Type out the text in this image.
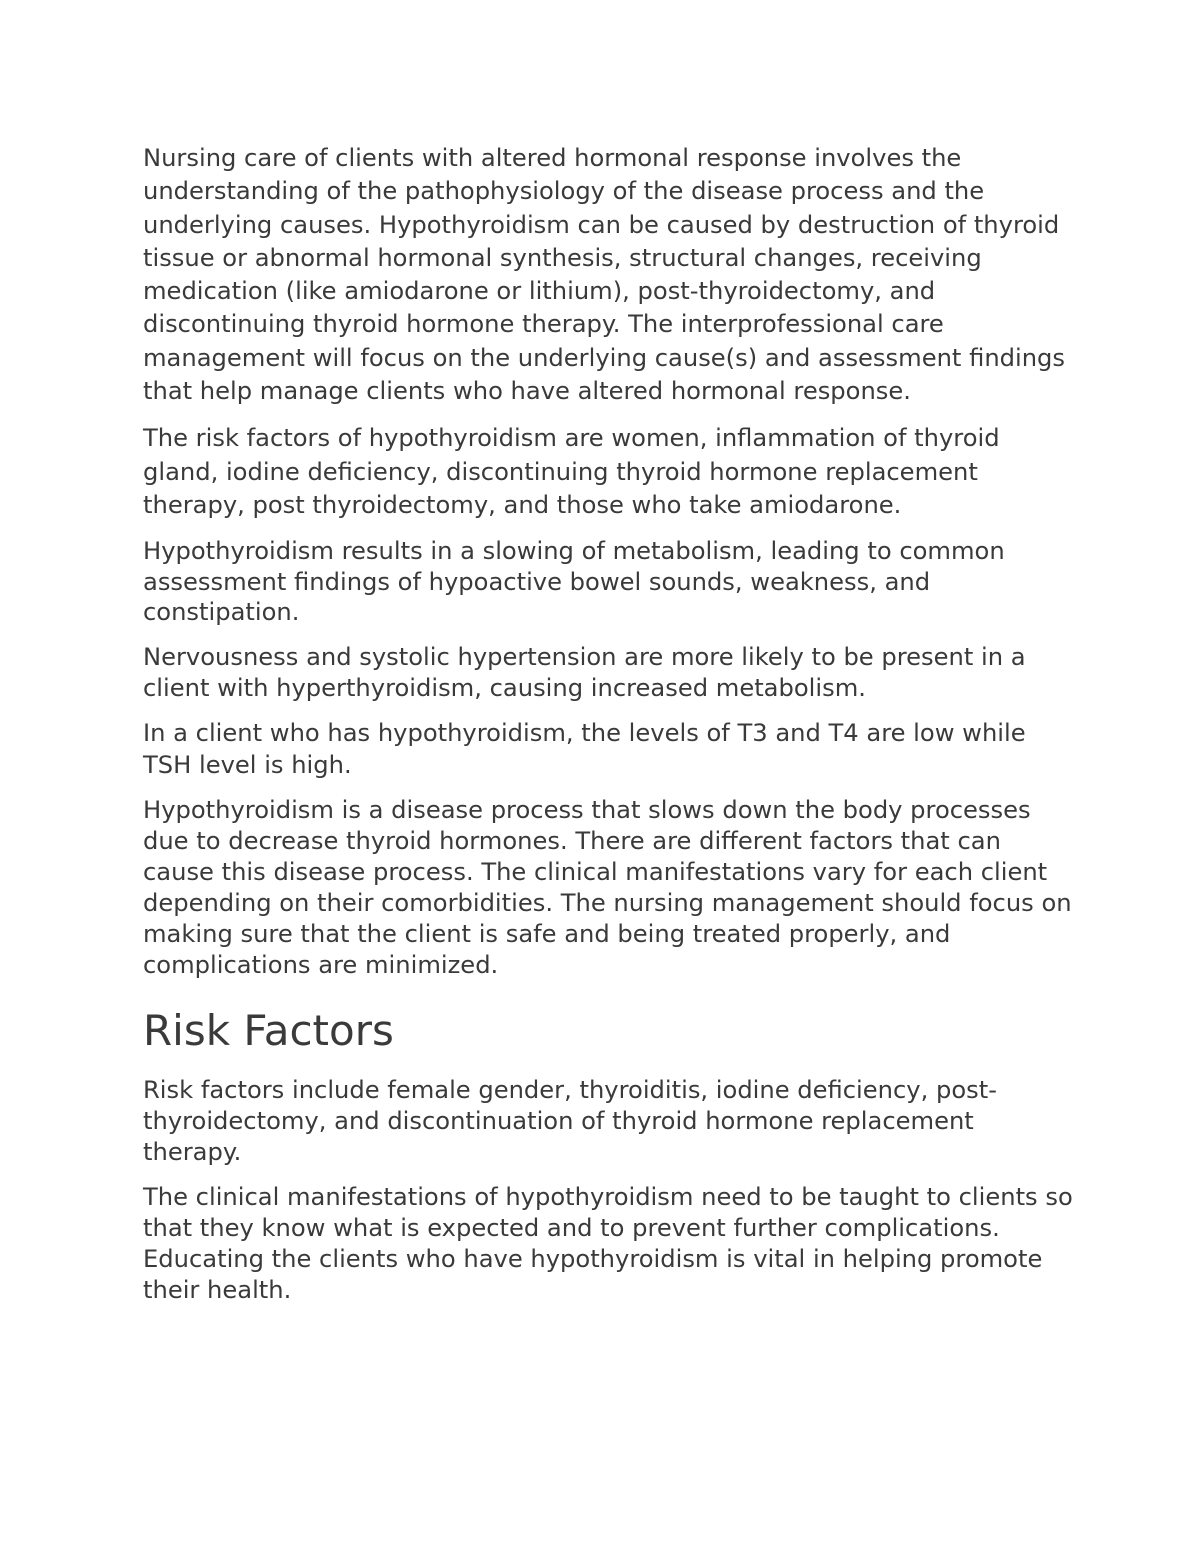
Nursing care of clients with altered hormonal response involves the understanding of the pathophysiology of the disease process and the underlying causes. Hypothyroidism can be caused by destruction of thyroid tissue or abnormal hormonal synthesis, structural changes, receiving medication (like amiodarone or lithium), post-thyroidectomy, and discontinuing thyroid hormone therapy. The interprofessional care management will focus on the underlying cause(s) and assessment findings that help manage clients who have altered hormonal response.

The risk factors of hypothyroidism are women, inflammation of thyroid gland, iodine deficiency, discontinuing thyroid hormone replacement therapy, post thyroidectomy, and those who take amiodarone.

Hypothyroidism results in a slowing of metabolism, leading to common assessment findings of hypoactive bowel sounds, weakness, and constipation.

Nervousness and systolic hypertension are more likely to be present in a client with hyperthyroidism, causing increased metabolism.

In a client who has hypothyroidism, the levels of T3 and T4 are low while TSH level is high.

Hypothyroidism is a disease process that slows down the body processes due to decrease thyroid hormones. There are different factors that can cause this disease process. The clinical manifestations vary for each client depending on their comorbidities. The nursing management should focus on making sure that the client is safe and being treated properly, and complications are minimized.

Risk Factors

Risk factors include female gender, thyroiditis, iodine deficiency, post-thyroidectomy, and discontinuation of thyroid hormone replacement therapy.

The clinical manifestations of hypothyroidism need to be taught to clients so that they know what is expected and to prevent further complications. Educating the clients who have hypothyroidism is vital in helping promote their health.
